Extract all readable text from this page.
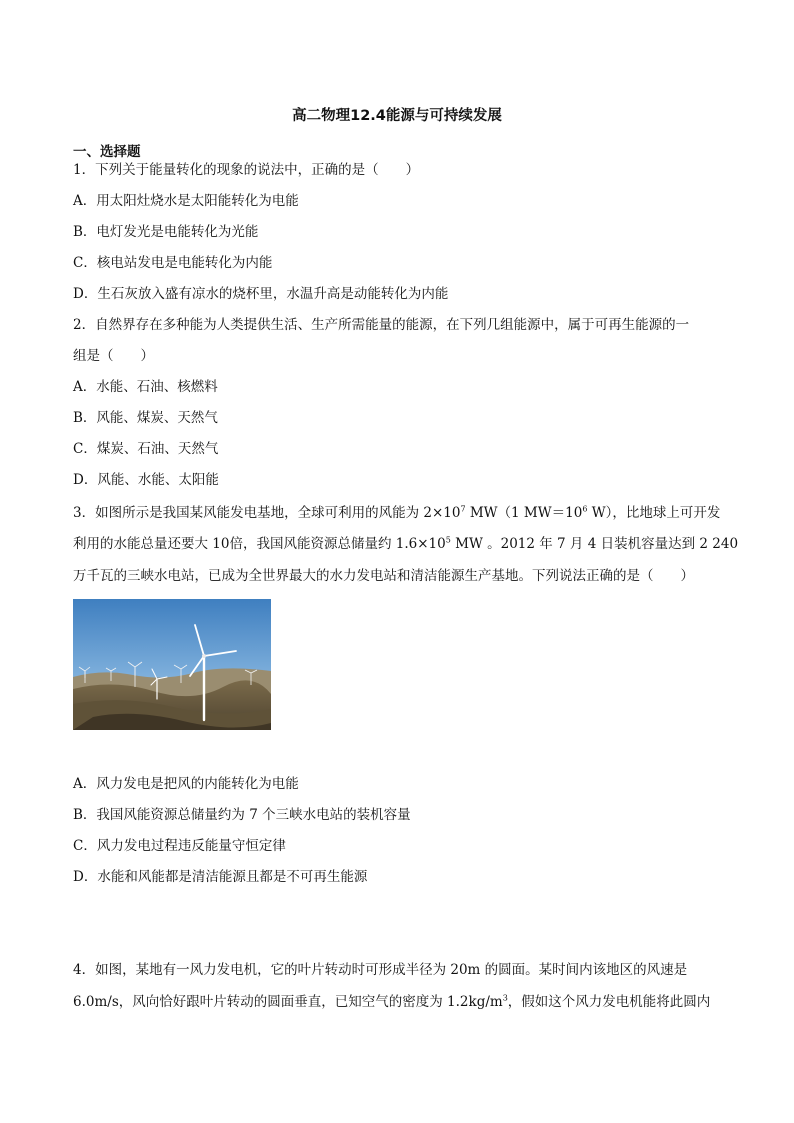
高二物理12.4能源与可持续发展
一、选择题
1．下列关于能量转化的现象的说法中，正确的是（　　）
A．用太阳灶烧水是太阳能转化为电能
B．电灯发光是电能转化为光能
C．核电站发电是电能转化为内能
D．生石灰放入盛有凉水的烧杯里，水温升高是动能转化为内能
2．自然界存在多种能为人类提供生活、生产所需能量的能源，在下列几组能源中，属于可再生能源的一
组是（　　）
A．水能、石油、核燃料
B．风能、煤炭、天然气
C．煤炭、石油、天然气
D．风能、水能、太阳能
3．如图所示是我国某风能发电基地，全球可利用的风能为 $2\times 10^7$ MW（1 $MW=10^6$ W），比地球上可开发
利用的水能总量还要大 10倍，我国风能资源总储量约 $1.6\times 10^5$ MW 。2012 年 7 月 4 日装机容量达到 2 240
万千瓦的三峡水电站，已成为全世界最大的水力发电站和清洁能源生产基地。下列说法正确的是（　　）
A．风力发电是把风的内能转化为电能
B．我国风能资源总储量约为 7 个三峡水电站的装机容量
C．风力发电过程违反能量守恒定律
D．水能和风能都是清洁能源且都是不可再生能源
4．如图，某地有一风力发电机，它的叶片转动时可形成半径为 20m 的圆面。某时间内该地区的风速是
6.0m/s，风向恰好跟叶片转动的圆面垂直，已知空气的密度为 $1.2kg/m^3$，假如这个风力发电机能将此圆内
